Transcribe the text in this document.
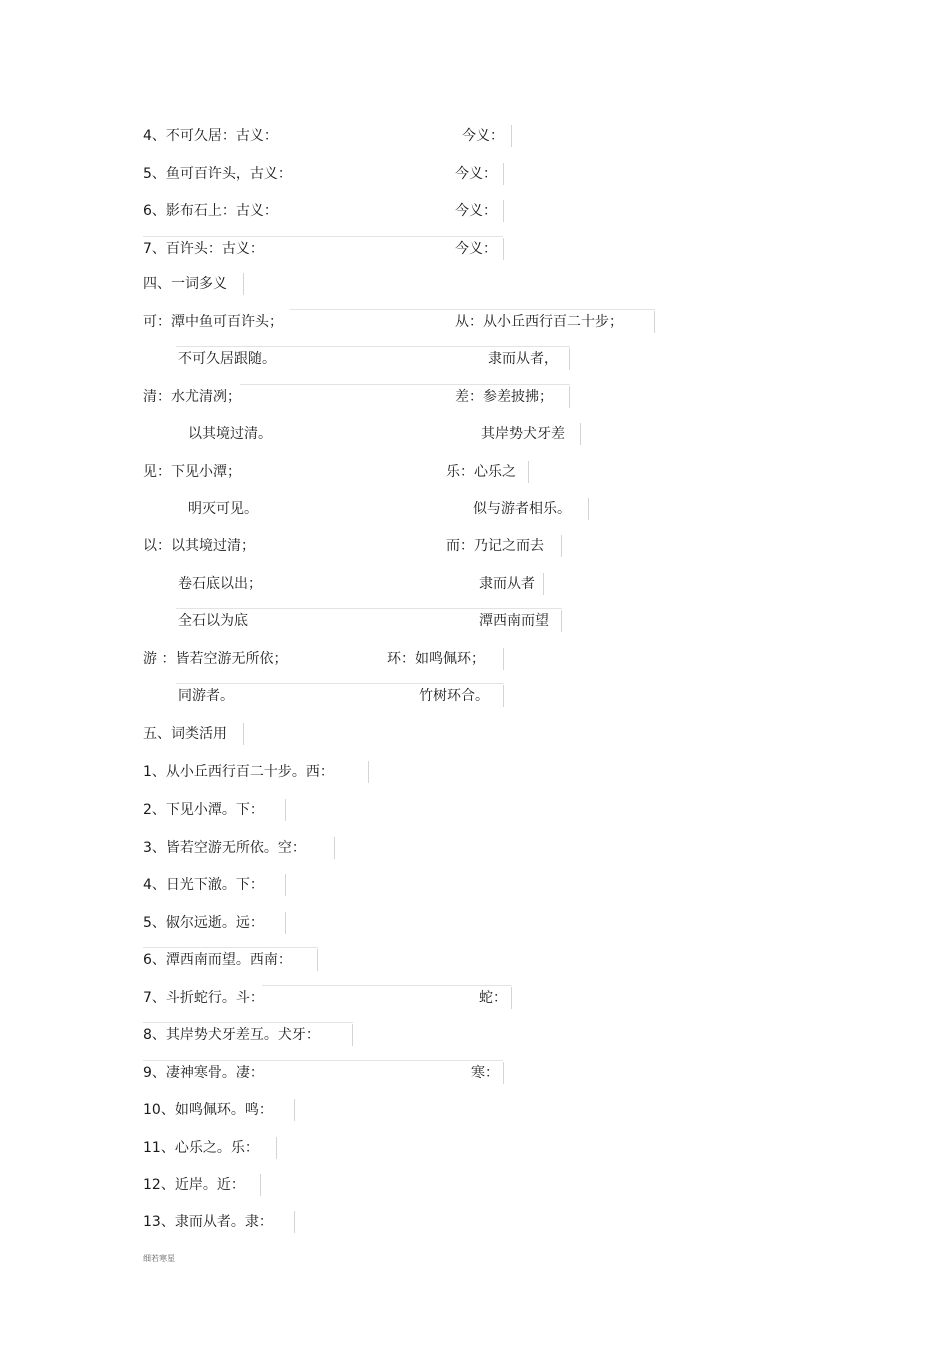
4、不可久居：古义：	今义：
5、鱼可百许头，古义：	今义：
6、影布石上：古义：	今义：
7、百许头：古义：	今义：
四、一词多义
可：潭中鱼可百许头；	从：从小丘西行百二十步；
不可久居跟随。	隶而从者，
清：水尤清冽；	差：参差披拂；
以其境过清。	其岸势犬牙差
见：下见小潭；	乐：心乐之
明灭可见。	似与游者相乐。
以：以其境过清；	而：乃记之而去
卷石底以出；	隶而从者
全石以为底	潭西南而望
游 ：皆若空游无所依；	环：如鸣佩环；
同游者。	竹树环合。
五、词类活用
1、从小丘西行百二十步。西：
2、下见小潭。下：
3、皆若空游无所依。空：
4、日光下澈。下：
5、俶尔远逝。远：
6、潭西南而望。西南：
7、斗折蛇行。斗：	蛇：
8、其岸势犬牙差互。犬牙：
9、凄神寒骨。凄：	寒：
10、如鸣佩环。鸣：
11、心乐之。乐：
12、近岸。近：
13、隶而从者。隶：
细若寒星
